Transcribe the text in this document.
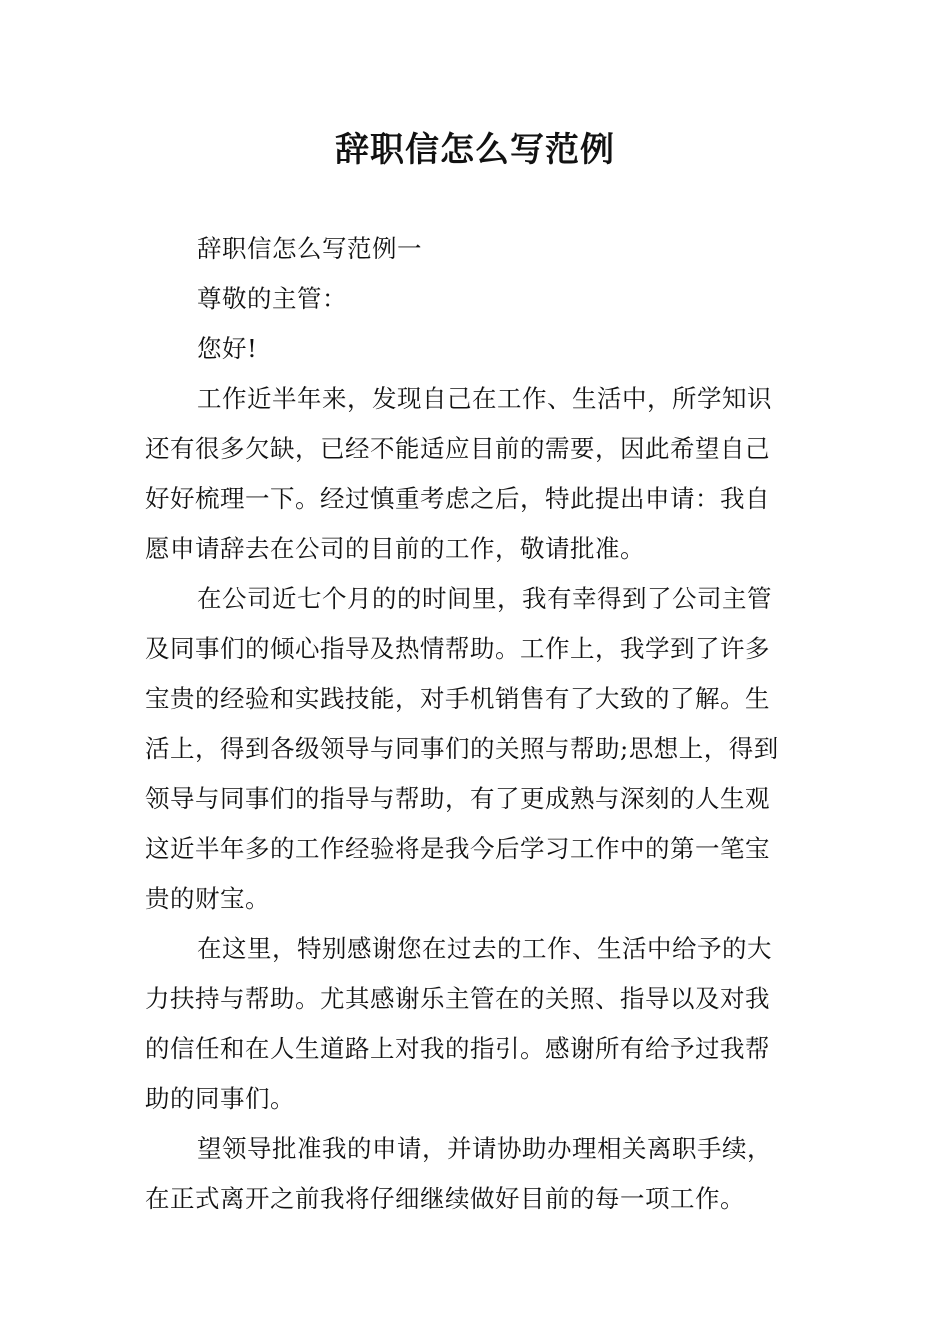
辞职信怎么写范例
辞职信怎么写范例一
尊敬的主管：
您好!
工作近半年来，发现自己在工作、生活中，所学知识
还有很多欠缺，已经不能适应目前的需要，因此希望自己
好好梳理一下。经过慎重考虑之后，特此提出申请：我自
愿申请辞去在公司的目前的工作，敬请批准。
在公司近七个月的的时间里，我有幸得到了公司主管
及同事们的倾心指导及热情帮助。工作上，我学到了许多
宝贵的经验和实践技能，对手机销售有了大致的了解。生
活上，得到各级领导与同事们的关照与帮助;思想上，得到
领导与同事们的指导与帮助，有了更成熟与深刻的人生观
这近半年多的工作经验将是我今后学习工作中的第一笔宝
贵的财宝。
在这里，特别感谢您在过去的工作、生活中给予的大
力扶持与帮助。尤其感谢乐主管在的关照、指导以及对我
的信任和在人生道路上对我的指引。感谢所有给予过我帮
助的同事们。
望领导批准我的申请，并请协助办理相关离职手续，
在正式离开之前我将仔细继续做好目前的每一项工作。
